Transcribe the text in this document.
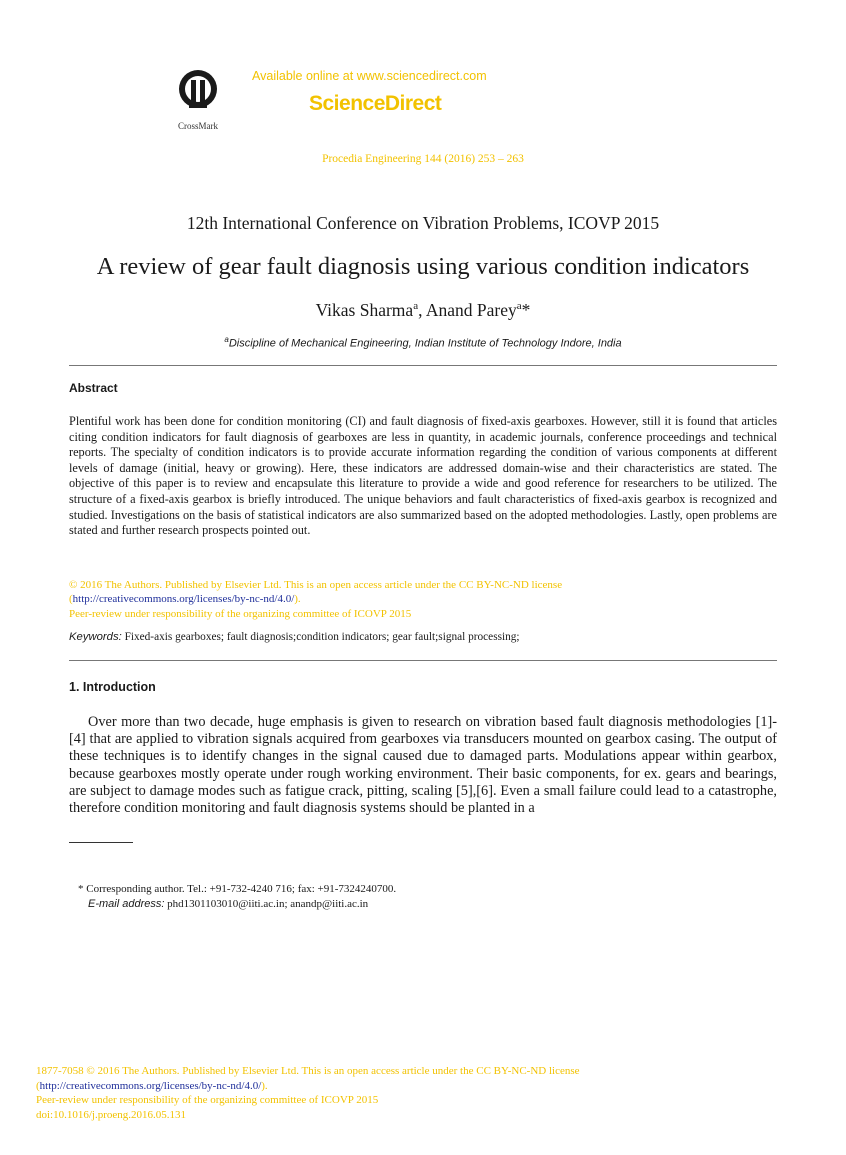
CrossMark
Available online at www.sciencedirect.com
ScienceDirect
Procedia Engineering 144 (2016) 253 – 263
12th International Conference on Vibration Problems, ICOVP 2015
A review of gear fault diagnosis using various condition indicators
Vikas Sharma$^a$, Anand Parey$^a$*
$^a$Discipline of Mechanical Engineering, Indian Institute of Technology Indore, India
Abstract
Plentiful work has been done for condition monitoring (CI) and fault diagnosis of fixed-axis gearboxes. However, still it is found that articles citing condition indicators for fault diagnosis of gearboxes are less in quantity, in academic journals, conference proceedings and technical reports. The specialty of condition indicators is to provide accurate information regarding the condition of various components at different levels of damage (initial, heavy or growing). Here, these indicators are addressed domain-wise and their characteristics are stated. The objective of this paper is to review and encapsulate this literature to provide a wide and good reference for researchers to be utilized. The structure of a fixed-axis gearbox is briefly introduced. The unique behaviors and fault characteristics of fixed-axis gearbox is recognized and studied. Investigations on the basis of statistical indicators are also summarized based on the adopted methodologies. Lastly, open problems are stated and further research prospects pointed out.
© 2016 The Authors. Published by Elsevier Ltd. This is an open access article under the CC BY-NC-ND license
(http://creativecommons.org/licenses/by-nc-nd/4.0/).
Peer-review under responsibility of the organizing committee of ICOVP 2015
Keywords: Fixed-axis gearboxes; fault diagnosis;condition indicators; gear fault;signal processing;
1. Introduction
Over more than two decade, huge emphasis is given to research on vibration based fault diagnosis methodologies [1]-[4] that are applied to vibration signals acquired from gearboxes via transducers mounted on gearbox casing. The output of these techniques is to identify changes in the signal caused due to damaged parts. Modulations appear within gearbox, because gearboxes mostly operate under rough working environment. Their basic components, for ex. gears and bearings, are subject to damage modes such as fatigue crack, pitting, scaling [5],[6]. Even a small failure could lead to a catastrophe, therefore condition monitoring and fault diagnosis systems should be planted in a
* Corresponding author. Tel.: +91-732-4240 716; fax: +91-7324240700.
E-mail address: phd1301103010@iiti.ac.in; anandp@iiti.ac.in
1877-7058 © 2016 The Authors. Published by Elsevier Ltd. This is an open access article under the CC BY-NC-ND license
(http://creativecommons.org/licenses/by-nc-nd/4.0/).
Peer-review under responsibility of the organizing committee of ICOVP 2015
doi:10.1016/j.proeng.2016.05.131
